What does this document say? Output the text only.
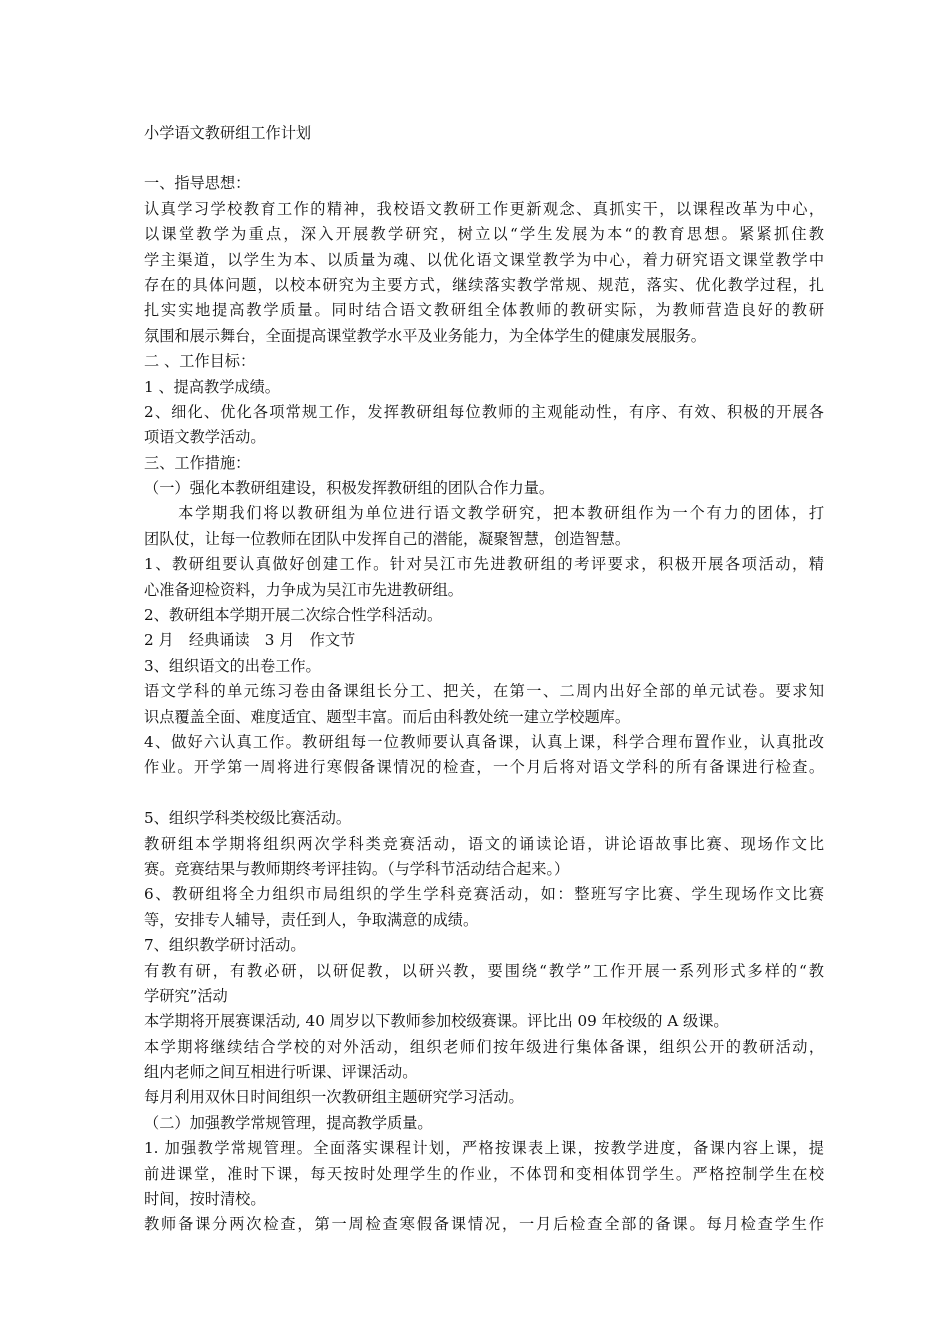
小学语文教研组工作计划
一、指导思想：
认真学习学校教育工作的精神，我校语文教研工作更新观念、真抓实干，以课程改革为中心，
以课堂教学为重点，深入开展教学研究，树立以“学生发展为本“的教育思想。紧紧抓住教
学主渠道，以学生为本、以质量为魂、以优化语文课堂教学为中心，着力研究语文课堂教学中
存在的具体问题，以校本研究为主要方式，继续落实教学常规、规范，落实、优化教学过程，扎
扎实实地提高教学质量。同时结合语文教研组全体教师的教研实际，为教师营造良好的教研
氛围和展示舞台，全面提高课堂教学水平及业务能力，为全体学生的健康发展服务。
二 、工作目标：
1 、提高教学成绩。
2、细化、优化各项常规工作，发挥教研组每位教师的主观能动性，有序、有效、积极的开展各
项语文教学活动。
三、工作措施：
（一）强化本教研组建设，积极发挥教研组的团队合作力量。
　　本学期我们将以教研组为单位进行语文教学研究，把本教研组作为一个有力的团体，打
团队仗，让每一位教师在团队中发挥自己的潜能，凝聚智慧，创造智慧。
1、教研组要认真做好创建工作。针对吴江市先进教研组的考评要求，积极开展各项活动，精
心准备迎检资料，力争成为吴江市先进教研组。
2、教研组本学期开展二次综合性学科活动。
2 月　经典诵读　3 月　作文节
3、组织语文的出卷工作。
语文学科的单元练习卷由备课组长分工、把关，在第一、二周内出好全部的单元试卷。要求知
识点覆盖全面、难度适宜、题型丰富。而后由科教处统一建立学校题库。
4、做好六认真工作。教研组每一位教师要认真备课，认真上课，科学合理布置作业，认真批改
作业。开学第一周将进行寒假备课情况的检查，一个月后将对语文学科的所有备课进行检查。
5、组织学科类校级比赛活动。
教研组本学期将组织两次学科类竞赛活动，语文的诵读论语，讲论语故事比赛、现场作文比
赛。竞赛结果与教师期终考评挂钩。（与学科节活动结合起来。）
6、教研组将全力组织市局组织的学生学科竞赛活动，如：整班写字比赛、学生现场作文比赛
等，安排专人辅导，责任到人，争取满意的成绩。
7、组织教学研讨活动。
有教有研，有教必研，以研促教，以研兴教，要围绕“教学”工作开展一系列形式多样的“教
学研究”活动
本学期将开展赛课活动, 40 周岁以下教师参加校级赛课。评比出 09 年校级的 A 级课。
本学期将继续结合学校的对外活动，组织老师们按年级进行集体备课，组织公开的教研活动，
组内老师之间互相进行听课、评课活动。
每月利用双休日时间组织一次教研组主题研究学习活动。
（二）加强教学常规管理，提高教学质量。
1. 加强教学常规管理。全面落实课程计划，严格按课表上课，按教学进度，备课内容上课，提
前进课堂，准时下课，每天按时处理学生的作业，不体罚和变相体罚学生。严格控制学生在校
时间，按时清校。
教师备课分两次检查，第一周检查寒假备课情况，一月后检查全部的备课。每月检查学生作
